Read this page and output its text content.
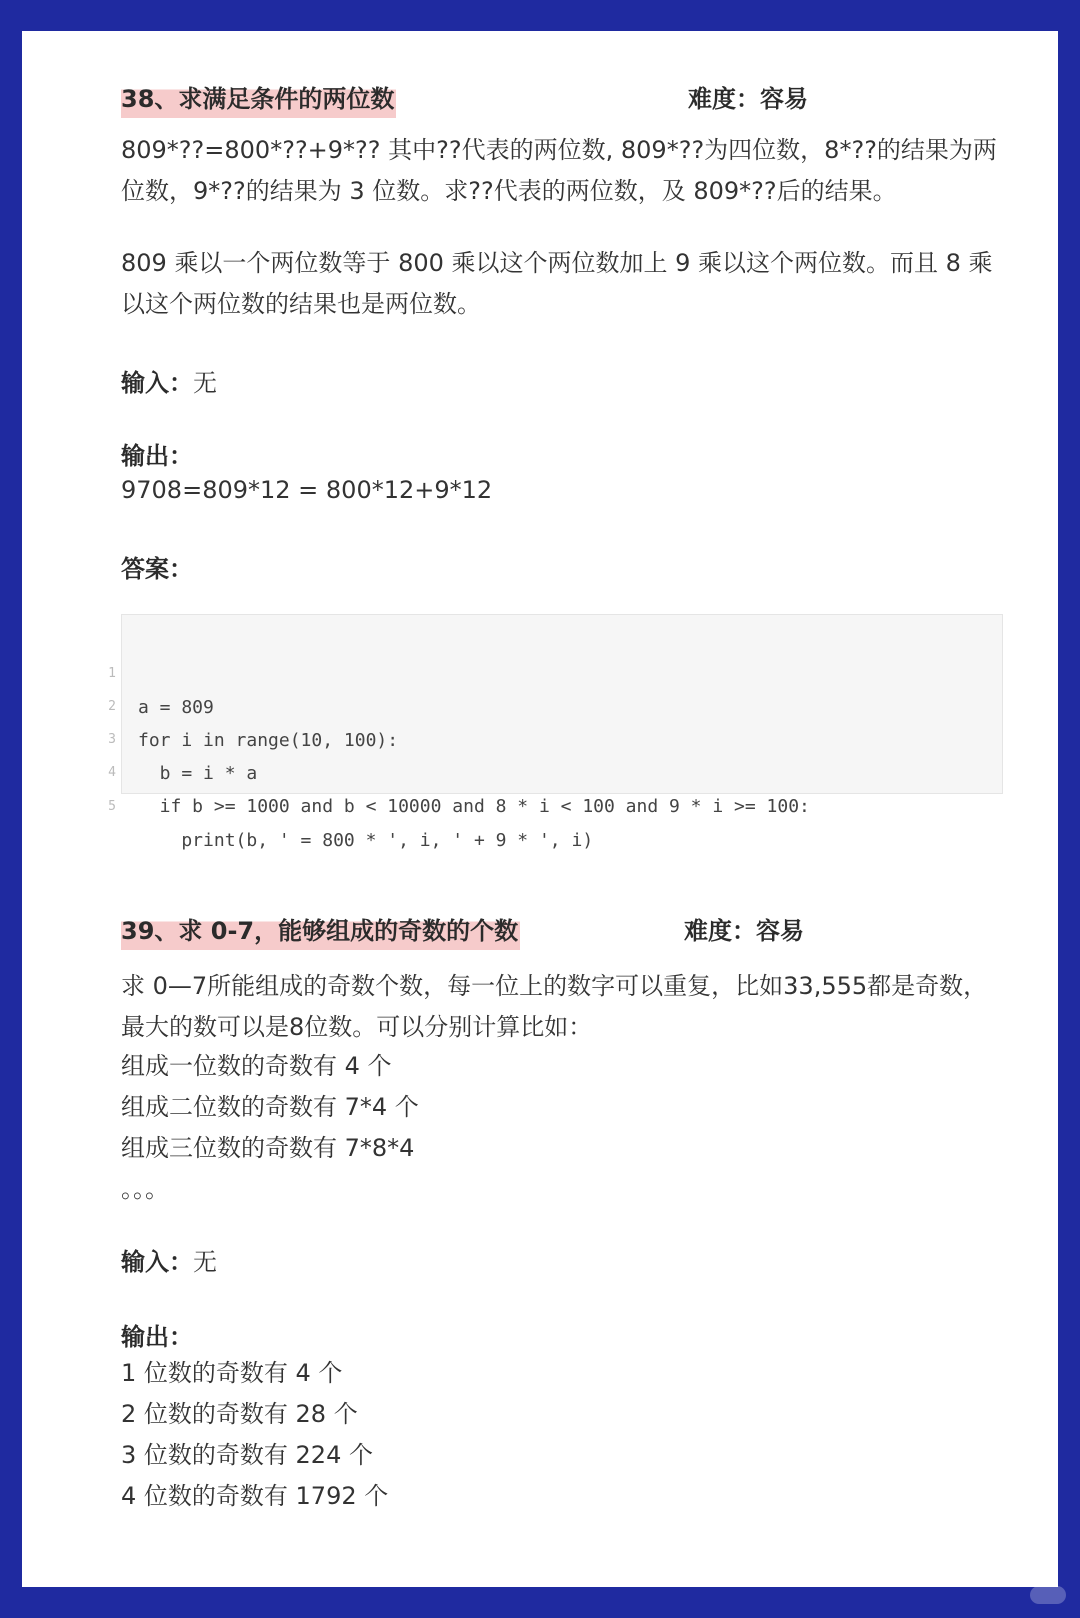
38、求满足条件的两位数	难度：容易
809*??=800*??+9*?? 其中??代表的两位数, 809*??为四位数，8*??的结果为两位数，9*??的结果为 3 位数。求??代表的两位数，及 809*??后的结果。
809 乘以一个两位数等于 800 乘以这个两位数加上 9 乘以这个两位数。而且 8 乘以这个两位数的结果也是两位数。
输入：无
输出：
9708=809*12 = 800*12+9*12
答案：

1

a = 809

2

for i in range(10, 100):

3

b = i * a

4

if b >= 1000 and b < 10000 and 8 * i < 100 and 9 * i >= 100:

5

print(b, ' = 800 * ', i, ' + 9 * ', i)

39、求 0-7，能够组成的奇数的个数	难度：容易
求 0—7所能组成的奇数个数，每一位上的数字可以重复，比如33,555都是奇数，最大的数可以是8位数。可以分别计算比如：
组成一位数的奇数有 4 个
组成二位数的奇数有 7*4 个
组成三位数的奇数有 7*8*4
。。。
输入：无
输出：
1 位数的奇数有 4 个
2 位数的奇数有 28 个
3 位数的奇数有 224 个
4 位数的奇数有 1792 个
